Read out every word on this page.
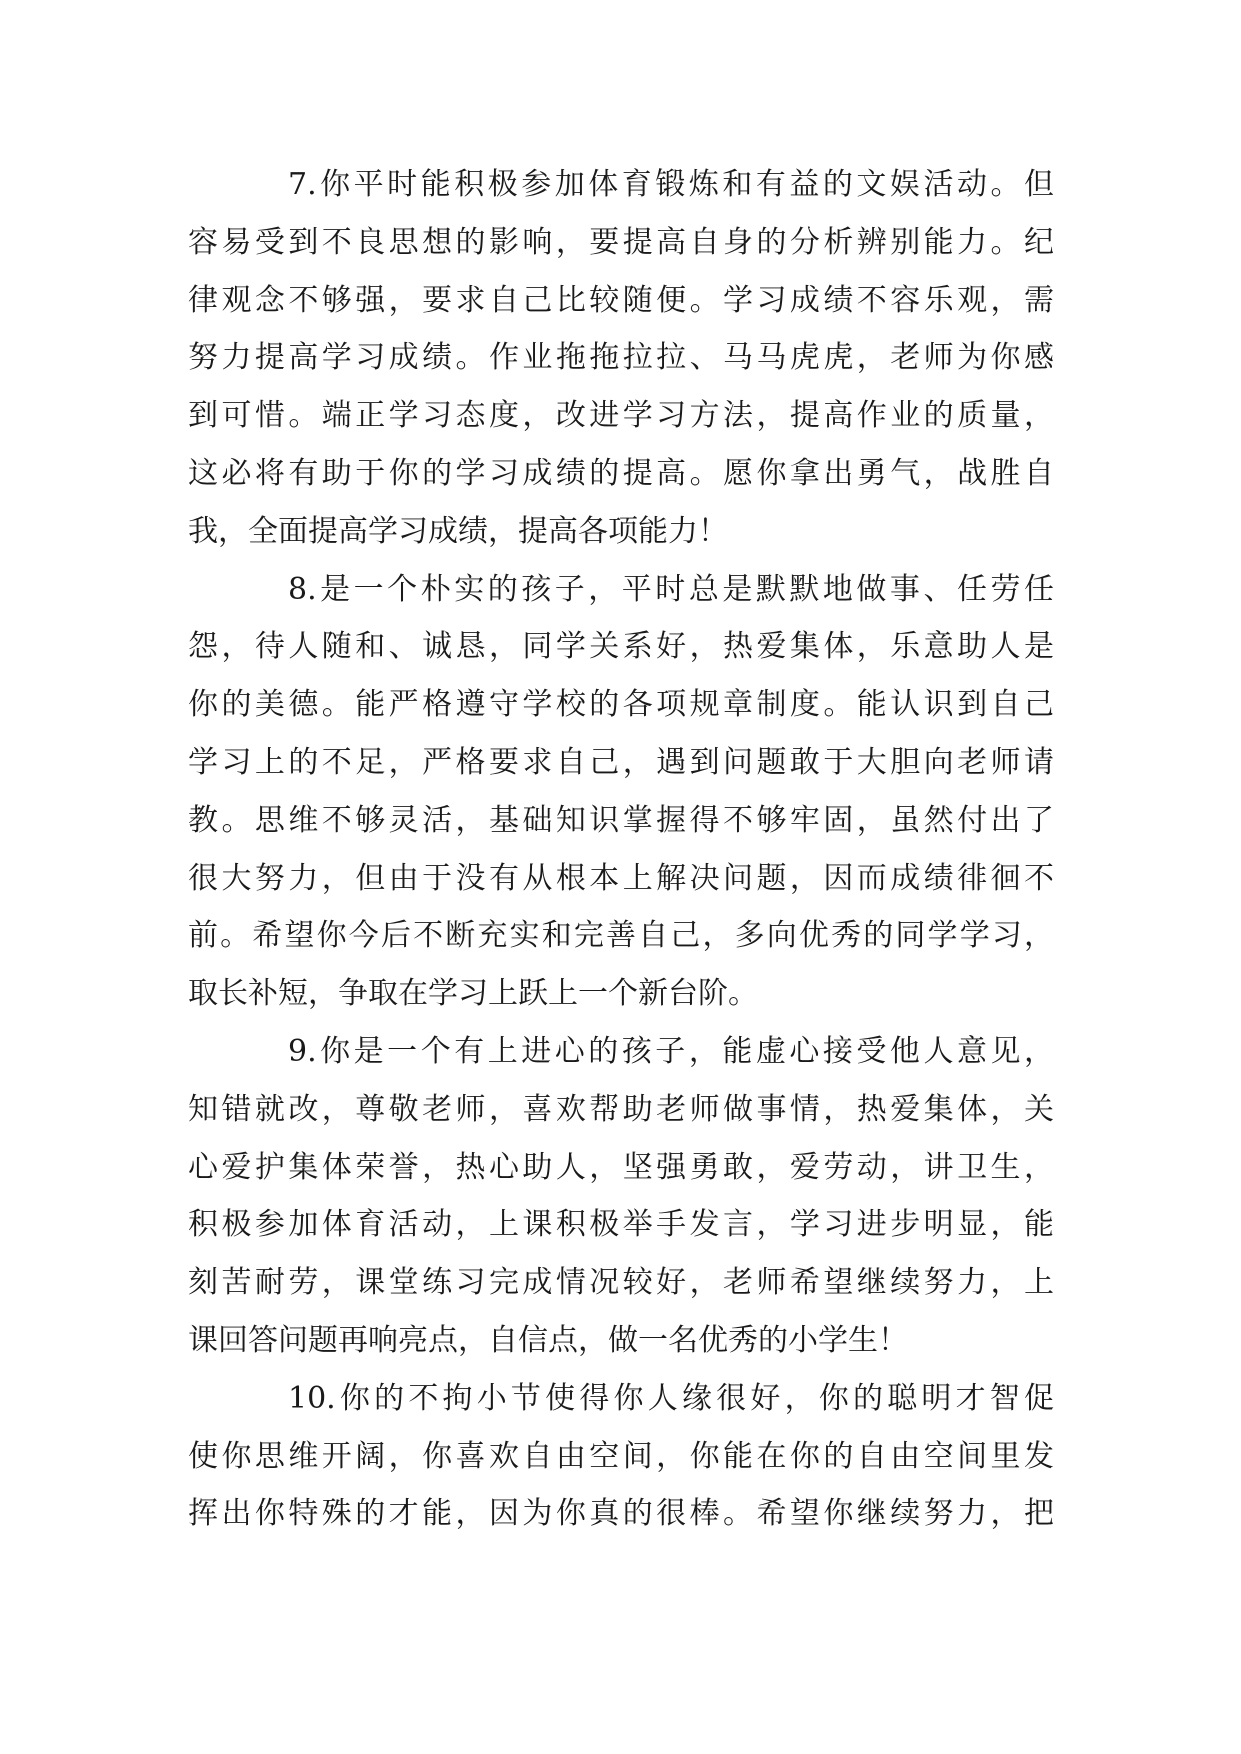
7.你平时能积极参加体育锻炼和有益的文娱活动。但
容易受到不良思想的影响，要提高自身的分析辨别能力。纪
律观念不够强，要求自己比较随便。学习成绩不容乐观，需
努力提高学习成绩。作业拖拖拉拉、马马虎虎，老师为你感
到可惜。端正学习态度，改进学习方法，提高作业的质量，
这必将有助于你的学习成绩的提高。愿你拿出勇气，战胜自
我，全面提高学习成绩，提高各项能力！
8.是一个朴实的孩子，平时总是默默地做事、任劳任
怨，待人随和、诚恳，同学关系好，热爱集体，乐意助人是
你的美德。能严格遵守学校的各项规章制度。能认识到自己
学习上的不足，严格要求自己，遇到问题敢于大胆向老师请
教。思维不够灵活，基础知识掌握得不够牢固，虽然付出了
很大努力，但由于没有从根本上解决问题，因而成绩徘徊不
前。希望你今后不断充实和完善自己，多向优秀的同学学习，
取长补短，争取在学习上跃上一个新台阶。
9.你是一个有上进心的孩子，能虚心接受他人意见，
知错就改，尊敬老师，喜欢帮助老师做事情，热爱集体，关
心爱护集体荣誉，热心助人，坚强勇敢，爱劳动，讲卫生，
积极参加体育活动，上课积极举手发言，学习进步明显，能
刻苦耐劳，课堂练习完成情况较好，老师希望继续努力，上
课回答问题再响亮点，自信点，做一名优秀的小学生！
10.你的不拘小节使得你人缘很好，你的聪明才智促
使你思维开阔，你喜欢自由空间，你能在你的自由空间里发
挥出你特殊的才能，因为你真的很棒。希望你继续努力，把
